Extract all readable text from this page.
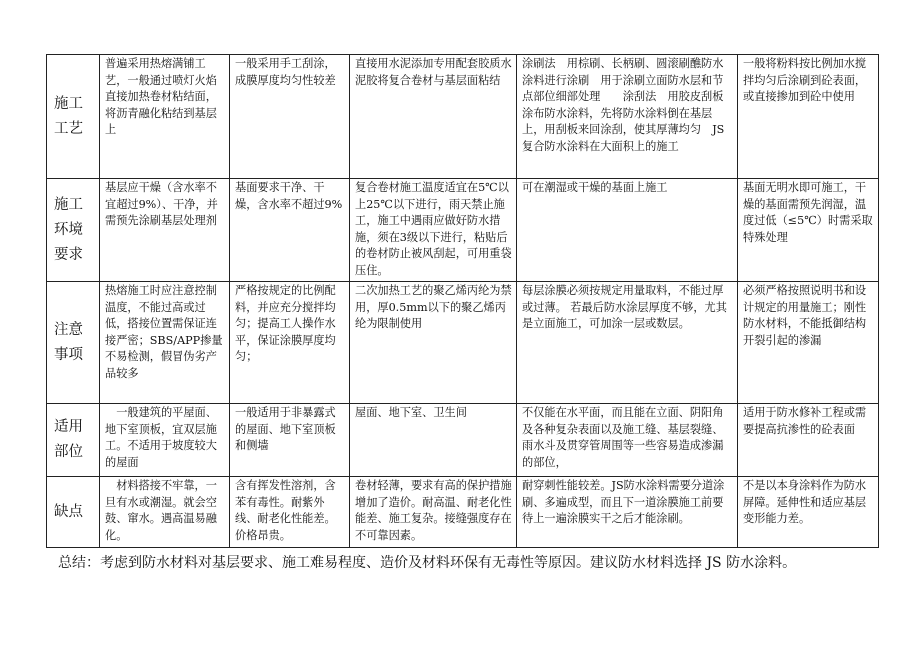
施工工艺	普遍采用热熔满铺工艺，一般通过喷灯火焰直接加热卷材粘结面，将沥青融化粘结到基层上	一般采用手工刮涂，成膜厚度均匀性较差	直接用水泥添加专用配套胶质水泥胶将复合卷材与基层面粘结	涂刷法　用棕刷、长柄刷、圆滚刷醮防水涂料进行涂刷　用于涂刷立面防水层和节点部位细部处理　　涂刮法　用胶皮刮板涂布防水涂料，先将防水涂料倒在基层上，用刮板来回涂刮，使其厚薄均匀　JS复合防水涂料在大面积上的施工	一般将粉料按比例加水搅拌均匀后涂刷到砼表面，或直接掺加到砼中使用
施工环境要求	基层应干燥（含水率不宜超过9%）、干净，并需预先涂刷基层处理剂	基面要求干净、干燥，含水率不超过9%	复合卷材施工温度适宜在5℃以上25℃以下进行，雨天禁止施工，施工中遇雨应做好防水措施，须在3级以下进行，粘贴后的卷材防止被风刮起，可用重袋压住。	可在潮湿或干燥的基面上施工	基面无明水即可施工，干燥的基面需预先润湿，温度过低（≤5℃）时需采取特殊处理
注意事项	热熔施工时应注意控制温度，不能过高或过低，搭接位置需保证连接严密；SBS/APP掺量不易检测，假冒伪劣产品较多	严格按规定的比例配料，并应充分搅拌均匀；提高工人操作水平，保证涂膜厚度均匀；	二次加热工艺的聚乙烯丙纶为禁用，厚0.5mm以下的聚乙烯丙纶为限制使用	每层涂膜必须按规定用量取料，不能过厚或过薄。 若最后防水涂层厚度不够，尤其是立面施工，可加涂一层或数层。	必须严格按照说明书和设计规定的用量施工；刚性防水材料，不能抵御结构开裂引起的渗漏
适用部位	　一般建筑的平屋面、地下室顶板，宜双层施工。不适用于坡度较大的屋面	一般适用于非暴露式的屋面、地下室顶板和侧墙	屋面、地下室、卫生间	不仅能在水平面，而且能在立面、阴阳角及各种复杂表面以及施工缝、基层裂缝、雨水斗及贯穿管周围等一些容易造成渗漏的部位，	适用于防水修补工程或需要提高抗渗性的砼表面
缺点	　材料搭接不牢靠，一旦有水或潮湿。就会空鼓、窜水。遇高温易融化。	含有挥发性溶剂，含苯有毒性。耐紫外线、耐老化性能差。价格昂贵。	卷材轻薄，要求有高的保护措施增加了造价。耐高温、耐老化性能差、施工复杂。接缝强度存在不可靠因素。	耐穿刺性能较差。JS防水涂料需要分道涂刷、多遍成型，而且下一道涂膜施工前要待上一遍涂膜实干之后才能涂刷。	不是以本身涂料作为防水屏障。延伸性和适应基层变形能力差。
总结：考虑到防水材料对基层要求、施工难易程度、造价及材料环保有无毒性等原因。建议防水材料选择 JS 防水涂料。
